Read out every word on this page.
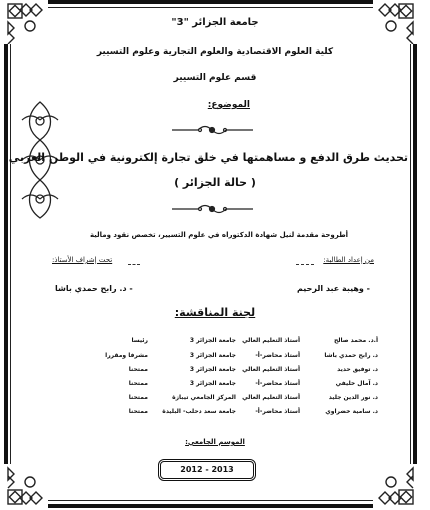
جامعة الجزائر "3"
كلية العلوم الاقتصادية والعلوم التجارية وعلوم التسيير
قسم علوم التسيير
الموضوع:
تحديث طرق الدفع و مساهمتها في خلق تجارة إلكترونية في الوطن العربي
( حالة الجزائر )
أطروحة مقدمة لنيل شهادة الدكتوراه في علوم التسيير، تخصص نقود ومالية
من إعداد الطالبة:
تحت إشراف الأستاذ:
- وهيبة عبد الرحيم
- د. رابح حمدي باشا
لجنة المناقشة:
أ.د. محمد صالح
أستاذ التعليم العالي
جامعة الجزائر 3
رئيسا
د. رابح حمدي باشا
أستاذ محاضر-أ-
جامعة الجزائر 3
مشرفا ومقررا
د. توفيق حديد
أستاذ التعليم العالي
جامعة الجزائر 3
ممتحنا
د. آمال خليفي
أستاذ محاضر-أ-
جامعة الجزائر 3
ممتحنا
د. نور الدين جليد
أستاذ التعليم العالي
المركز الجامعي تيبازة
ممتحنا
د. سامية خضراوي
أستاذ محاضر-أ-
جامعة سعد دحلب- البليدة
ممتحنا
الموسم الجامعي:
2012 - 2013
